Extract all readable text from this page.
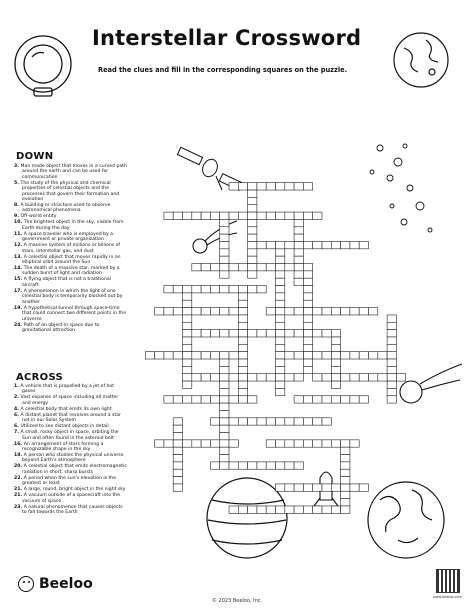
Interstellar Crossword
Read the clues and fill in the corresponding squares on the puzzle.
DOWN
3. Man made object that moves in a curved path around the earth and can be used for communication
5. The study of the physical and chemical properties of celestial objects and the processes that govern their formation and evolution
8. A building or structure used to observe astronomical phenomena
9. Off-world entity
10. The brightest object in the sky, visible from Earth during the day
11. A space traveler who is employed by a government or private organization
12. A massive system of millions or billions of stars, interstellar gas, and dust
13. A celestial object that moves rapidly in an elliptical orbit around the Sun
14. The death of a massive star, marked by a sudden burst of light and radiation
15. A flying object that is not a traditional aircraft
17. A phenomenon in which the light of one celestial body is temporarily blocked out by another
19. A hypothetical tunnel through space-time that could connect two different points in the universe
24. Path of an object in space due to gravitational attraction
ACROSS
1. A vehicle that is propelled by a jet of hot gases
2. Vast expanse of space including all matter and energy
4. A celestial body that emits its own light
6. A distant planet that revolves around a star not in our Solar System
6. Utilized to see distant objects in detail
7. A small, rocky object in space, orbiting the Sun and often found in the asteroid belt
16. An arrangement of stars forming a recognizable shape in the sky
18. A person who studies the physical universe beyond Earth's atmosphere
20. A celestial object that emits electromagnetic radiation in short, sharp bursts
22. A period when the sun's elevation is the greatest or least
21. A large, round, bright object in the night sky
21. A vacuum outside of a spacecraft into the vacuum of space
23. A natural phenomenon that causes objects to fall towards the Earth
Beeloo
© 2023 Beeloo, Inc.
www.beeloo.com
